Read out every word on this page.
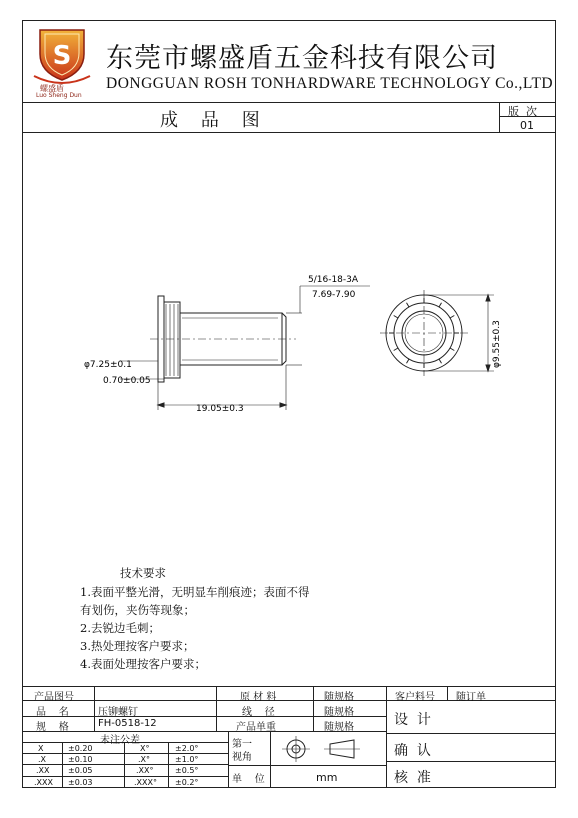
S
螺盛盾
Luo Sheng Dun
东莞市螺盛盾五金科技有限公司
DONGGUAN ROSH TONHARDWARE TECHNOLOGY Co.,LTD
成    品    图	版  次
01
5/16-18-3A
7.69-7.90
φ7.25±0.1
0.70±0.05
19.05±0.3
φ9.55±0.3
技术要求
1.表面平整光滑，无明显车削痕迹；表面不得
有划伤，夹伤等现象；
2.去锐边毛刺；
3.热处理按客户要求；
4.表面处理按客户要求；
产品图号
品    名	压铆螺钉
规    格	FH-0518-12
原 材 料	随规格
线    径	随规格
产品单重	随规格
客户料号 随订单
设  计
确  认
核  准
未注公差
X	±0.20	X°	±2.0°
.X	±0.10	.X°	±1.0°
.XX ±0.05	.XX°	±0.5°
.XXX ±0.03	.XXX° ±0.2°
第一视角
单    位	mm
